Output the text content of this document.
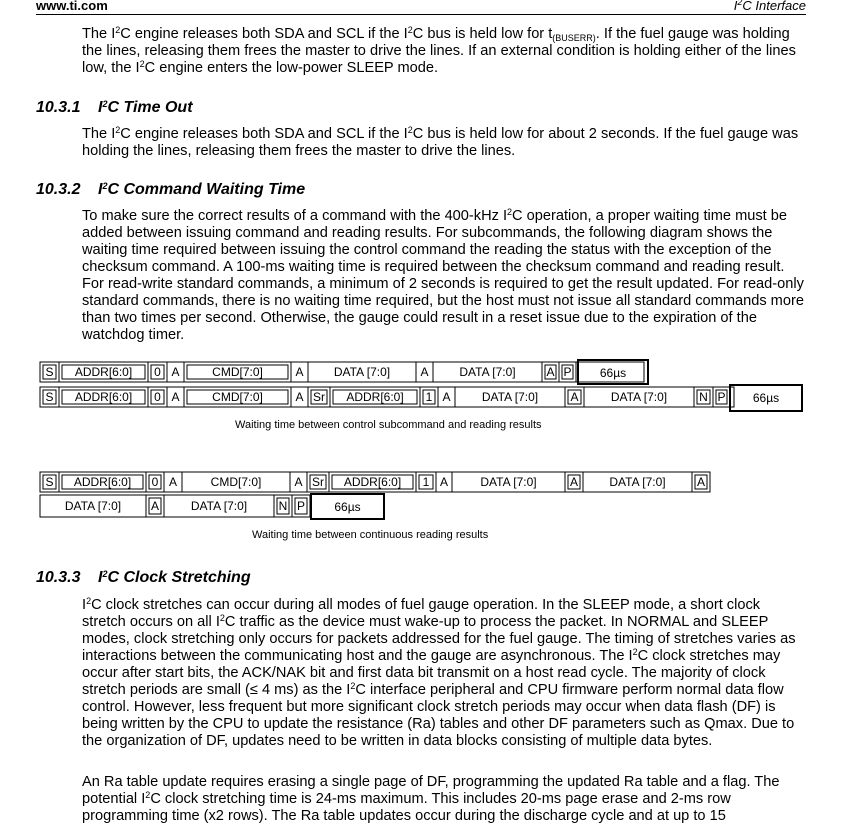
www.ti.com	$I^2C$ Interface
The $I^2C$ engine releases both SDA and SCL if the $I^2C$ bus is held low for $t_{(BUSERR)}$. If the fuel gauge was holding the lines, releasing them frees the master to drive the lines. If an external condition is holding either of the lines low, the $I^2C$ engine enters the low-power SLEEP mode.
10.3.1 $I^2C$ Time Out
The $I^2C$ engine releases both SDA and SCL if the $I^2C$ bus is held low for about 2 seconds. If the fuel gauge was holding the lines, releasing them frees the master to drive the lines.
10.3.2 $I^2C$ Command Waiting Time
To make sure the correct results of a command with the 400-kHz $I^2C$ operation, a proper waiting time must be added between issuing command and reading results. For subcommands, the following diagram shows the waiting time required between issuing the control command the reading the status with the exception of the checksum command. A 100-ms waiting time is required between the checksum command and reading result. For read-write standard commands, a minimum of 2 seconds is required to get the result updated. For read-only standard commands, there is no waiting time required, but the host must not issue all standard commands more than two times per second. Otherwise, the gauge could result in a reset issue due to the expiration of the watchdog timer.
S ADDR[6:0] 0 A	CMD[7:0]	A	DATA [7:0]	A	DATA [7:0]	A P 66µs
S ADDR[6:0] 0 A	CMD[7:0]	A Sr ADDR[6:0] 1 A	DATA [7:0]	A	DATA [7:0]	N P 66µs
S ADDR[6:0] 0 A	CMD[7:0]	A Sr ADDR[6:0] 1 A	DATA [7:0]	A	DATA [7:0]	A
DATA [7:0] A	DATA [7:0]	N P 66µs
Waiting time between control subcommand and reading results
Waiting time between continuous reading results
10.3.3 $I^2C$ Clock Stretching
$I^2C$ clock stretches can occur during all modes of fuel gauge operation. In the SLEEP mode, a short clock stretch occurs on all $I^2C$ traffic as the device must wake-up to process the packet. In NORMAL and SLEEP modes, clock stretching only occurs for packets addressed for the fuel gauge. The timing of stretches varies as interactions between the communicating host and the gauge are asynchronous. The $I^2C$ clock stretches may occur after start bits, the ACK/NAK bit and first data bit transmit on a host read cycle. The majority of clock stretch periods are small (≤ 4 ms) as the $I^2C$ interface peripheral and CPU firmware perform normal data flow control. However, less frequent but more significant clock stretch periods may occur when data flash (DF) is being written by the CPU to update the resistance (Ra) tables and other DF parameters such as Qmax. Due to the organization of DF, updates need to be written in data blocks consisting of multiple data bytes.
An Ra table update requires erasing a single page of DF, programming the updated Ra table and a flag. The potential $I^2C$ clock stretching time is 24-ms maximum. This includes 20-ms page erase and 2-ms row programming time (x2 rows). The Ra table updates occur during the discharge cycle and at up to 15
